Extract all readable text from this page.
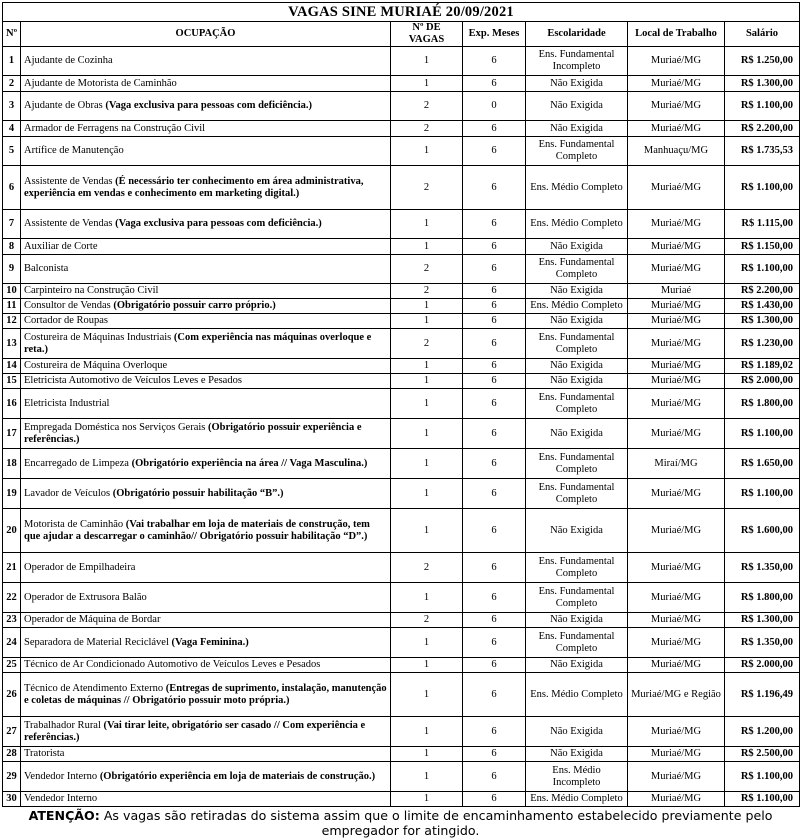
VAGAS SINE MURIAÉ 20/09/2021						
Nº	OCUPAÇÃO	Nº DE VAGAS	Exp. Meses	Escolaridade	Local de Trabalho	Salário
1	Ajudante de Cozinha	1	6	Ens. Fundamental Incompleto	Muriaé/MG	R$ 1.250,00
2	Ajudante de Motorista de Caminhão	1	6	Não Exigida	Muriaé/MG	R$ 1.300,00
3	Ajudante de Obras (Vaga exclusiva para pessoas com deficiência.)	2	0	Não Exigida	Muriaé/MG	R$ 1.100,00
4	Armador de Ferragens na Construção Civil	2	6	Não Exigida	Muriaé/MG	R$ 2.200,00
5	Artífice de Manutenção	1	6	Ens. Fundamental Completo	Manhuaçu/MG	R$ 1.735,53
6	Assistente de Vendas (É necessário ter conhecimento em área administrativa, experiência em vendas e conhecimento em marketing digital.)	2	6	Ens. Médio Completo	Muriaé/MG	R$ 1.100,00
7	Assistente de Vendas (Vaga exclusiva para pessoas com deficiência.)	1	6	Ens. Médio Completo	Muriaé/MG	R$ 1.115,00
8	Auxiliar de Corte	1	6	Não Exigida	Muriaé/MG	R$ 1.150,00
9	Balconista	2	6	Ens. Fundamental Completo	Muriaé/MG	R$ 1.100,00
10	Carpinteiro na Construção Civil	2	6	Não Exigida	Muriaé	R$ 2.200,00
11	Consultor de Vendas (Obrigatório possuir carro próprio.)	1	6	Ens. Médio Completo	Muriaé/MG	R$ 1.430,00
12	Cortador de Roupas	1	6	Não Exigida	Muriaé/MG	R$ 1.300,00
13	Costureira de Máquinas Industriais (Com experiência nas máquinas overloque e reta.)	2	6	Ens. Fundamental Completo	Muriaé/MG	R$ 1.230,00
14	Costureira de Máquina Overloque	1	6	Não Exigida	Muriaé/MG	R$ 1.189,02
15	Eletricista Automotivo de Veículos Leves e Pesados	1	6	Não Exigida	Muriaé/MG	R$ 2.000,00
16	Eletricista Industrial	1	6	Ens. Fundamental Completo	Muriaé/MG	R$ 1.800,00
17	Empregada Doméstica nos Serviços Gerais (Obrigatório possuir experiência e referências.)	1	6	Não Exigida	Muriaé/MG	R$ 1.100,00
18	Encarregado de Limpeza (Obrigatório experiência na área // Vaga Masculina.)	1	6	Ens. Fundamental Completo	Miraí/MG	R$ 1.650,00
19	Lavador de Veículos (Obrigatório possuir habilitação “B”.)	1	6	Ens. Fundamental Completo	Muriaé/MG	R$ 1.100,00
20	Motorista de Caminhão (Vai trabalhar em loja de materiais de construção, tem que ajudar a descarregar o caminhão// Obrigatório possuir habilitação “D”.)	1	6	Não Exigida	Muriaé/MG	R$ 1.600,00
21	Operador de Empilhadeira	2	6	Ens. Fundamental Completo	Muriaé/MG	R$ 1.350,00
22	Operador de Extrusora Balão	1	6	Ens. Fundamental Completo	Muriaé/MG	R$ 1.800,00
23	Operador de Máquina de Bordar	2	6	Não Exigida	Muriaé/MG	R$ 1.300,00
24	Separadora de Material Reciclável (Vaga Feminina.)	1	6	Ens. Fundamental Completo	Muriaé/MG	R$ 1.350,00
25	Técnico de Ar Condicionado Automotivo de Veículos Leves e Pesados	1	6	Não Exigida	Muriaé/MG	R$ 2.000,00
26	Técnico de Atendimento Externo (Entregas de suprimento, instalação, manutenção e coletas de máquinas // Obrigatório possuir moto própria.)	1	6	Ens. Médio Completo	Muriaé/MG e Região	R$ 1.196,49
27	Trabalhador Rural (Vai tirar leite, obrigatório ser casado // Com experiência e referências.)	1	6	Não Exigida	Muriaé/MG	R$ 1.200,00
28	Tratorista	1	6	Não Exigida	Muriaé/MG	R$ 2.500,00
29	Vendedor Interno (Obrigatório experiência em loja de materiais de construção.)	1	6	Ens. Médio Incompleto	Muriaé/MG	R$ 1.100,00
30	Vendedor Interno	1	6	Ens. Médio Completo	Muriaé/MG	R$ 1.100,00
ATENÇÃO: As vagas são retiradas do sistema assim que o limite de encaminhamento estabelecido previamente pelo empregador for atingido.
